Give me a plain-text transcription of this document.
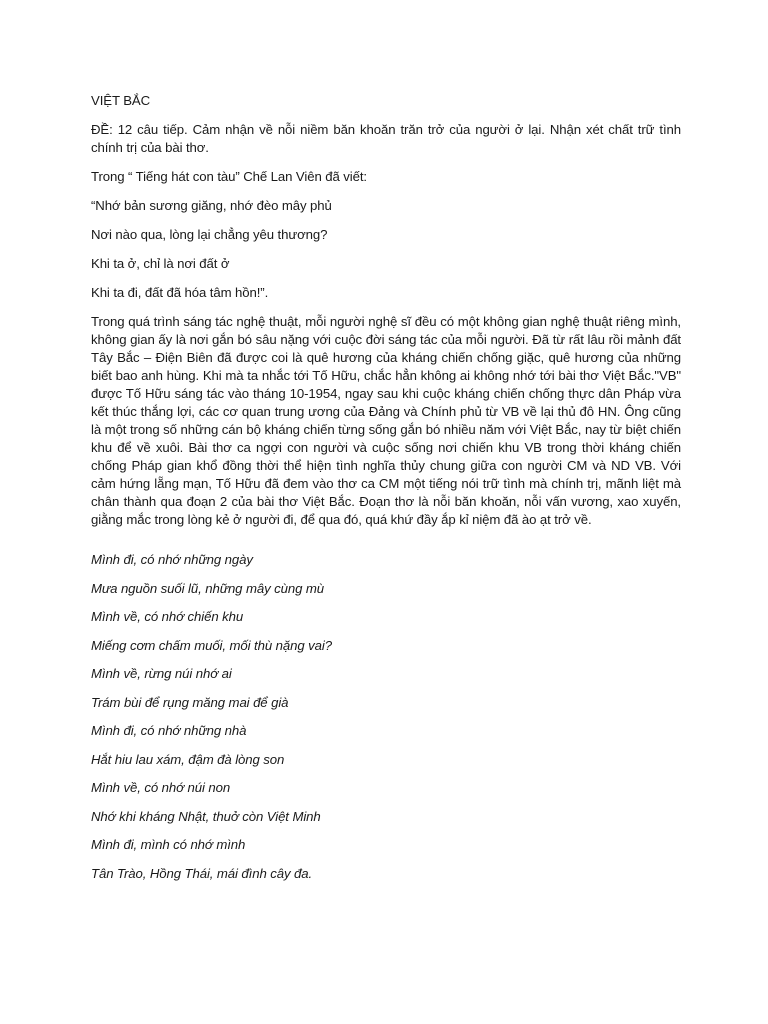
VIỆT BẮC

ĐỀ: 12 câu tiếp. Cảm nhận về nỗi niềm băn khoăn trăn trở của người ở lại. Nhận xét chất trữ tình chính trị của bài thơ.

Trong “ Tiếng hát con tàu” Chế Lan Viên đã viết:

“Nhớ bản sương giăng, nhớ đèo mây phủ

Nơi nào qua, lòng lại chẳng yêu thương?

Khi ta ở, chỉ là nơi đất ở

Khi ta đi, đất đã hóa tâm hồn!”.

Trong quá trình sáng tác nghệ thuật, mỗi người nghệ sĩ đều có một không gian nghệ thuật riêng mình, không gian ấy là nơi gắn bó sâu nặng với cuộc đời sáng tác của mỗi người. Đã từ rất lâu rồi mảnh đất Tây Bắc – Điện Biên đã được coi là quê hương của kháng chiến chống giặc, quê hương của những biết bao anh hùng. Khi mà ta nhắc tới Tố Hữu, chắc hẳn không ai không nhớ tới bài thơ Việt Bắc."VB" được Tố Hữu sáng tác vào tháng 10-1954, ngay sau khi cuộc kháng chiến chống thực dân Pháp vừa kết thúc thắng lợi, các cơ quan trung ương của Đảng và Chính phủ từ VB về lại thủ đô HN. Ông cũng là một trong số những cán bộ kháng chiến từng sống gắn bó nhiều năm với Việt Bắc, nay từ biệt chiến khu để về xuôi. Bài thơ ca ngợi con người và cuộc sống nơi chiến khu VB trong thời kháng chiến chống Pháp gian khổ đồng thời thể hiện tình nghĩa thủy chung giữa con người CM và ND VB. Với cảm hứng lẵng mạn, Tố Hữu đã đem vào thơ ca CM một tiếng nói trữ tình mà chính trị, mãnh liệt mà chân thành qua đoạn 2 của bài thơ Việt Bắc. Đoạn thơ là nỗi băn khoăn, nỗi vấn vương, xao xuyến, giằng mắc trong lòng kẻ ở người đi, để qua đó, quá khứ đầy ắp kỉ niệm đã ào ạt trở về.

Mình đi, có nhớ những ngày

Mưa nguồn suối lũ, những mây cùng mù

Mình về, có nhớ chiến khu

Miếng cơm chấm muối, mối thù nặng vai?

Mình về, rừng núi nhớ ai

Trám bùi để rụng măng mai để già

Mình đi, có nhớ những nhà

Hắt hiu lau xám, đậm đà lòng son

Mình về, có nhớ núi non

Nhớ khi kháng Nhật, thuở còn Việt Minh

Mình đi, mình có nhớ mình

Tân Trào, Hồng Thái, mái đình cây đa.
